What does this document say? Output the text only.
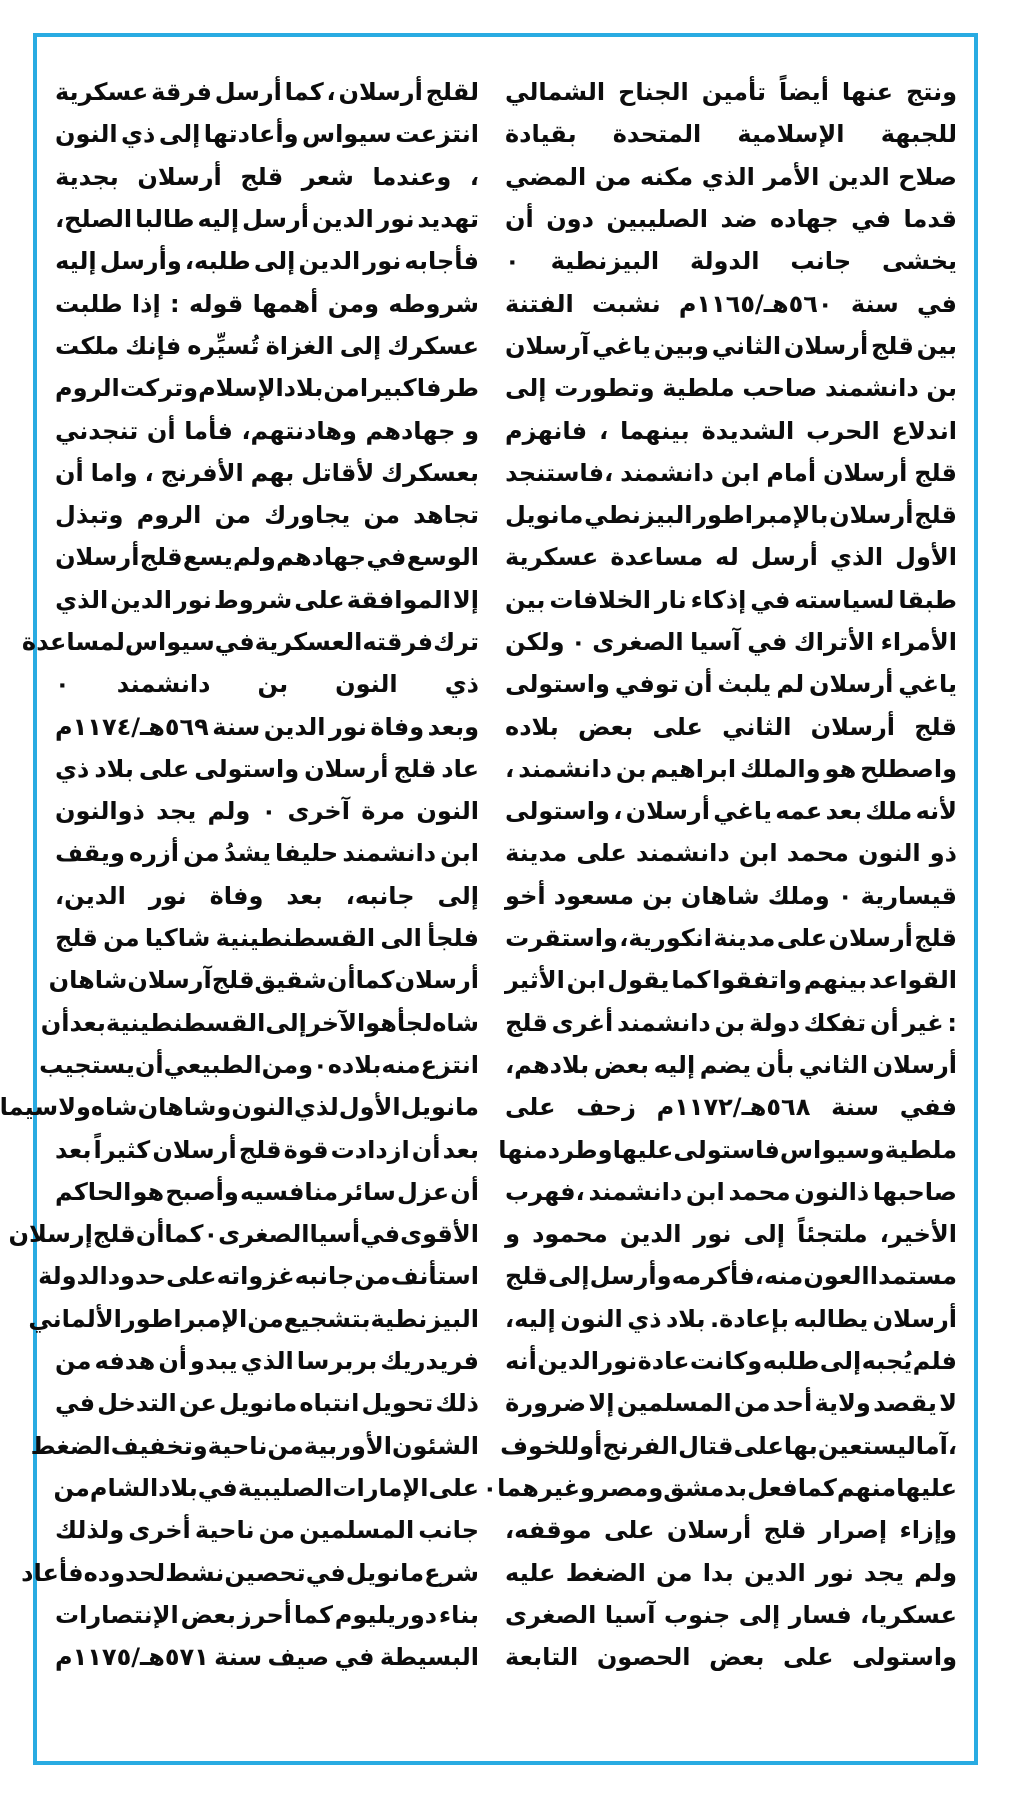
ونتج
عنها
أيضاً
تأمين
الجناح
الشمالي
للجبهة
الإسلامية
المتحدة
بقيادة
صلاح
الدين
الأمر
الذي
مكنه
من
المضي
قدما
في
جهاده
ضد
الصليبين
دون
أن
يخشى
جانب
الدولة
البيزنطية
٠
في
سنة
٥٦٠هـ/١١٦٥م
نشبت
الفتنة
بين
قلج
أرسلان
الثاني
وبين
ياغي
آرسلان
بن
دانشمند
صاحب
ملطية
وتطورت
إلى
اندلاع
الحرب
الشديدة
بينهما
،
فانهزم
قلج
أرسلان
أمام
ابن
دانشمند
،فاستنجد
قلج
أرسلان
بالإمبراطور
البيزنطي
مانويل
الأول
الذي
أرسل
له
مساعدة
عسكرية
طبقا
لسياسته
في
إذكاء
نار
الخلافات
بين
الأمراء
الأتراك
في
آسيا
الصغرى
٠
ولكن
ياغي
أرسلان
لم
يلبث
أن
توفي
واستولى
قلج
أرسلان
الثاني
على
بعض
بلاده
واصطلح
هو
والملك
ابراهيم
بن
دانشمند
،
لأنه
ملك
بعد
عمه
ياغي
أرسلان
،
واستولى
ذو
النون
محمد
ابن
دانشمند
على
مدينة
قيسارية
٠
وملك
شاهان
بن
مسعود
أخو
قلج
أرسلان
على
مدينة
انكورية،
واستقرت
القواعد
بينهم
واتفقوا
كما
يقول
ابن
الأثير
:
غير
أن
تفكك
دولة
بن
دانشمند
أغرى
قلج
أرسلان
الثاني
بأن
يضم
إليه
بعض
بلادهم،
ففي
سنة
٥٦٨هـ/١١٧٢م
زحف
على
ملطية
وسيواس
فاستولى
عليها
وطرد
منها
صاحبها
ذالنون
محمد
ابن
دانشمند
،فهرب
الأخير،
ملتجئاً
إلى
نور
الدين
محمود
و
مستمدا
العون
منه
،
فأكرمه
وأرسل
إلى
قلج
أرسلان
يطالبه
بإعادة.
بلاد
ذي
النون
إليه،
فلم
يُجبه
إلى
طلبه
وكانت
عادة
نور
الدين
أنه
لا
يقصد
ولاية
أحد
من
المسلمين
إلا
ضرورة
،
آما
ليستعين
بها
على
قتال
الفرنج
أو
للخوف
عليها
منهم
كما
فعل
بدمشق
ومصر
وغيرهما
٠
وإزاء
إصرار
قلج
أرسلان
على
موقفه،
ولم
يجد
نور
الدين
بدا
من
الضغط
عليه
عسكريا،
فسار
إلى
جنوب
آسيا
الصغرى
واستولى
على
بعض
الحصون
التابعة
لقلج
أرسلان
،
كما
أرسل
فرقة
عسكرية
انتزعت
سيواس
وأعادتها
إلى
ذي
النون
،
وعندما
شعر
قلج
أرسلان
بجدية
تهديد
نور
الدين
أرسل
إليه
طالبا
الصلح،
فأجابه
نور
الدين
إلى
طلبه،
وأرسل
إليه
شروطه
ومن
أهمها
قوله
:
إذا
طلبت
عسكرك
إلى
الغزاة
تُسيِّره
فإنك
ملكت
طرفا
كبيرا
من
بلادالإسلام
وتركت
الروم
و
جهادهم
وهادنتهم،
فأما
أن
تنجدني
بعسكرك
لأقاتل
بهم
الأفرنج
،
واما
أن
تجاهد
من
يجاورك
من
الروم
وتبذل
الوسع
في
جهادهم
ولم
يسع
قلج
أرسلان
إلا
الموافقة
على
شروط
نور
الدين
الذي
ترك
فرقته
العسكرية
في
سيواس
لمساعدة
ذي
النون
بن
دانشمند
٠
وبعد
وفاة
نور
الدين
سنة
٥٦٩هـ/١١٧٤م
عاد
قلج
أرسلان
واستولى
على
بلاد
ذي
النون
مرة
آخرى
٠
ولم
يجد
ذوالنون
ابن
دانشمند
حليفا
يشدُ
من
أزره
ويقف
إلى
جانبه،
بعد
وفاة
نور
الدين،
فلجأ
الى
القسطنطينية
شاكيا
من
قلج
أرسلان
كما
أن
شقيق
قلج
آرسلان
شاهان
شاه
لجأ
هو
الآخر
إلى
القسطنطينية
بعد
أن
انتزع
منه
بلاده
٠
ومن
الطبيعي
أن
يستجيب
مانويل
الأول
لذي
النون
وشاهان
شاه
ولاسيما
بعد
أن
ازدادت
قوة
قلج
أرسلان
كثيراً
بعد
أن
عزل
سائر
منافسيه
وأصبح
هو
الحاكم
الأقوى
في
أسيا
الصغرى
٠
كما
أن
قلج
إرسلان
استأنف
من
جانبه
غزواته
على
حدود
الدولة
البيزنطية
بتشجيع
من
الإمبراطور
الألماني
فريدريك
بربرسا
الذي
يبدو
أن
هدفه
من
ذلك
تحويل
انتباه
مانويل
عن
التدخل
في
الشئون
الأوربية
من
ناحية
وتخفيف
الضغط
على
الإمارات
الصليبية
في
بلاد
الشام
من
جانب
المسلمين
من
ناحية
أخرى
ولذلك
شرع
مانويل
في
تحصين
نشط
لحدوده
فأعاد
بناء
دوريليوم
كما
أحرز
بعض
الإنتصارات
البسيطة
في
صيف
سنة
٥٧١هـ/١١٧٥م
